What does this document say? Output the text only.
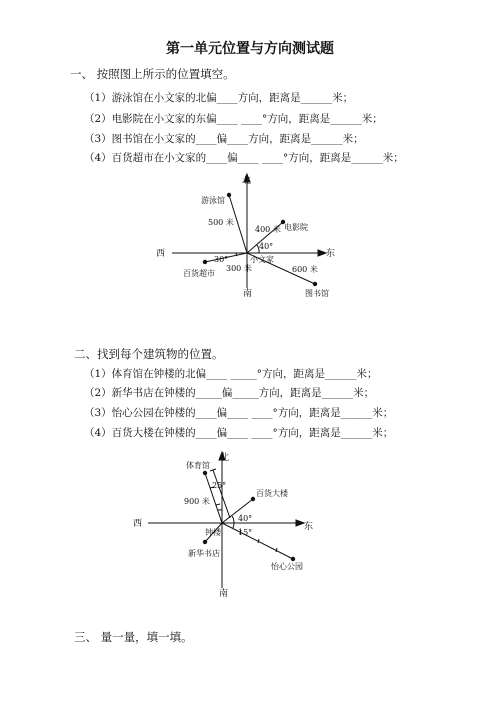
第一单元位置与方向测试题
一、 按照图上所示的位置填空。
（1）游泳馆在小文家的北偏____方向，距离是______米；
（2）电影院在小文家的东偏____ ____°方向，距离是______米；
（3）图书馆在小文家的____偏____方向，距离是______米；
（4）百货超市在小文家的____偏____ ____°方向，距离是______米；
二、找到每个建筑物的位置。
（1）体育馆在钟楼的北偏____ _____°方向，距离是______米；
（2）新华书店在钟楼的_____偏_____方向，距离是______米；
（3）怡心公园在钟楼的____偏____ ____°方向，距离是______米；
（4）百货大楼在钟楼的____偏____ ____°方向，距离是______米；
三、 量一量，填一填。
北
南
西	东
小文家
游泳馆
电影院
图书馆
百货超市
500 米
400 米
600 米
300 米
40°
30°
北
南
西	东
钟楼
体育馆
百货大楼
新华书店
怡心公园
900 米
25°
40°
15°
